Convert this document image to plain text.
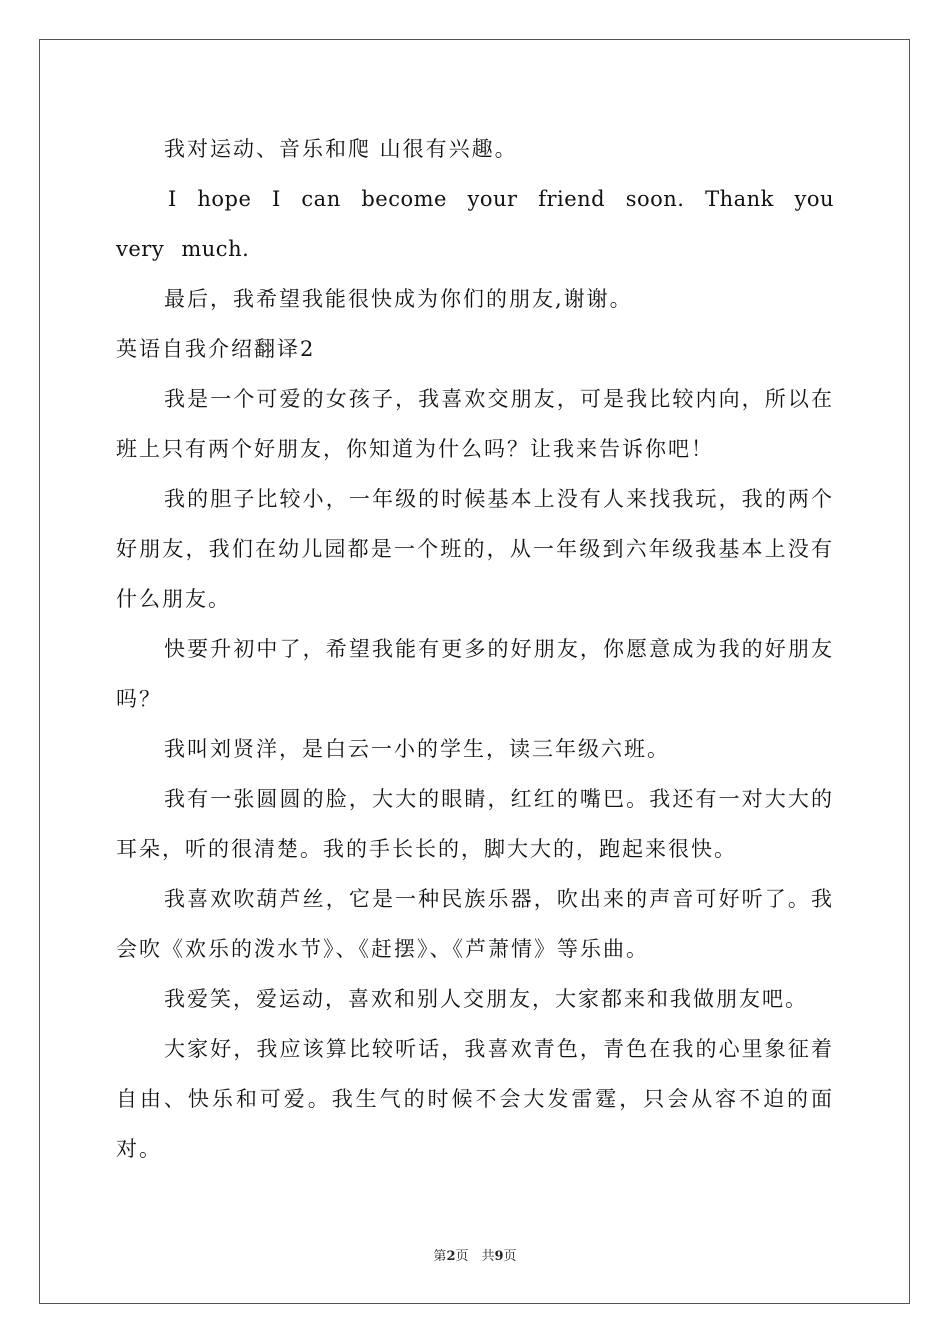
我对运动、音乐和爬 山很有兴趣。

I hope I can become your friend soon. Thank you very much.

最后，我希望我能很快成为你们的朋友,谢谢。

英语自我介绍翻译2

我是一个可爱的女孩子，我喜欢交朋友，可是我比较内向，所以在班上只有两个好朋友，你知道为什么吗？让我来告诉你吧！

我的胆子比较小，一年级的时候基本上没有人来找我玩，我的两个好朋友，我们在幼儿园都是一个班的，从一年级到六年级我基本上没有什么朋友。

快要升初中了，希望我能有更多的好朋友，你愿意成为我的好朋友吗？

我叫刘贤洋，是白云一小的学生，读三年级六班。

我有一张圆圆的脸，大大的眼睛，红红的嘴巴。我还有一对大大的耳朵，听的很清楚。我的手长长的，脚大大的，跑起来很快。

我喜欢吹葫芦丝，它是一种民族乐器，吹出来的声音可好听了。我会吹《欢乐的泼水节》、《赶摆》、《芦萧情》等乐曲。

我爱笑，爱运动，喜欢和别人交朋友，大家都来和我做朋友吧。

大家好，我应该算比较听话，我喜欢青色，青色在我的心里象征着自由、快乐和可爱。我生气的时候不会大发雷霆，只会从容不迫的面对。

第2页　共9页
